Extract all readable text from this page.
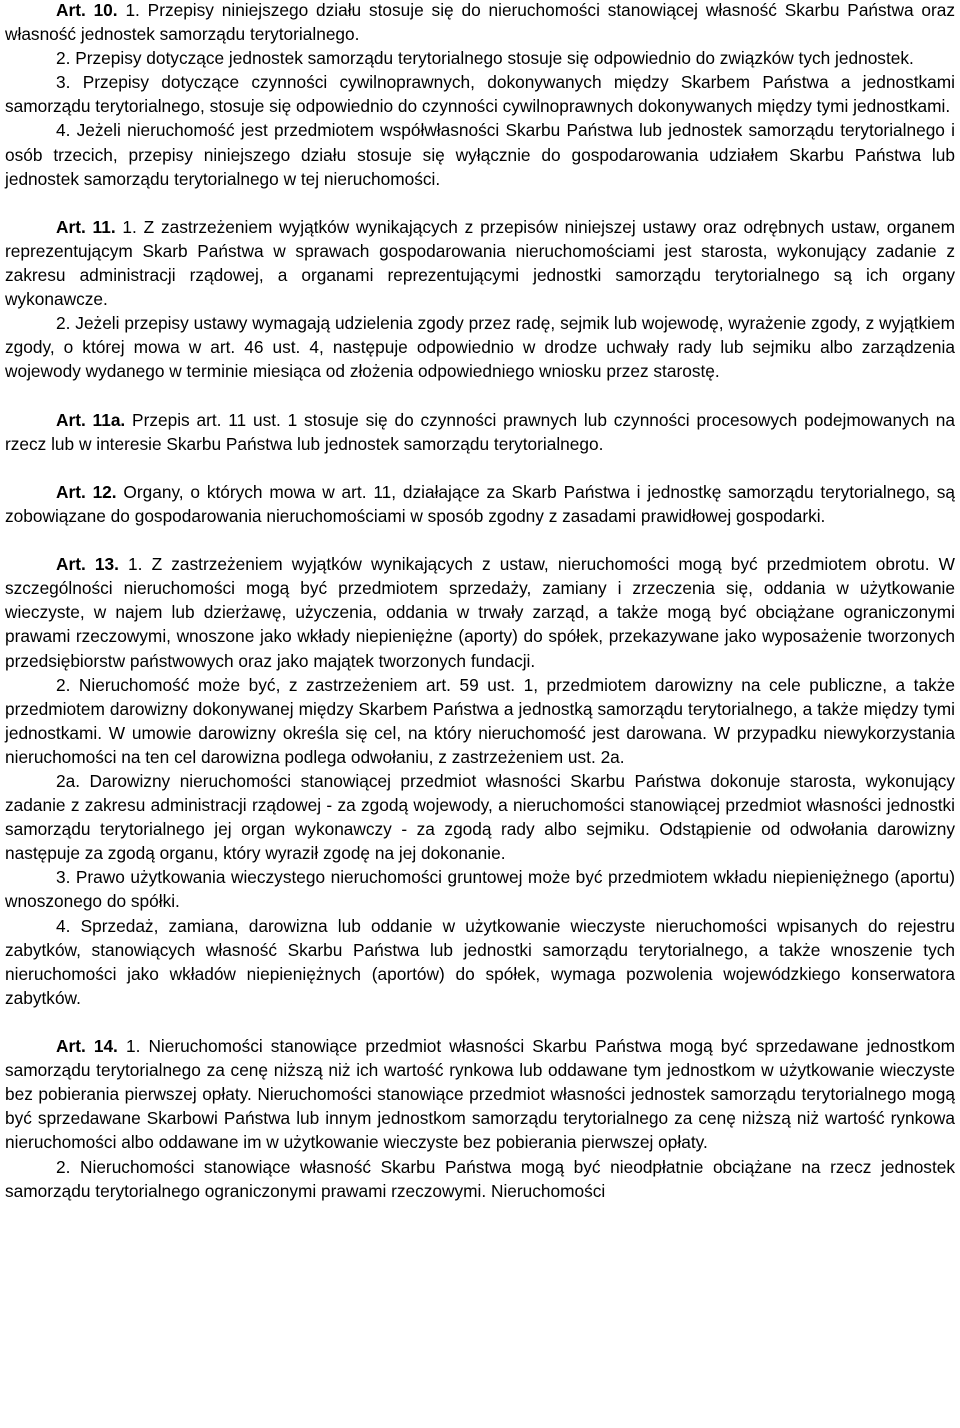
Art. 10. 1. Przepisy niniejszego działu stosuje się do nieruchomości stanowiącej własność Skarbu Państwa oraz własność jednostek samorządu terytorialnego.

2. Przepisy dotyczące jednostek samorządu terytorialnego stosuje się odpowiednio do związków tych jednostek.

3. Przepisy dotyczące czynności cywilnoprawnych, dokonywanych między Skarbem Państwa a jednostkami samorządu terytorialnego, stosuje się odpowiednio do czynności cywilnoprawnych dokonywanych między tymi jednostkami.

4. Jeżeli nieruchomość jest przedmiotem współwłasności Skarbu Państwa lub jednostek samorządu terytorialnego i osób trzecich, przepisy niniejszego działu stosuje się wyłącznie do gospodarowania udziałem Skarbu Państwa lub jednostek samorządu terytorialnego w tej nieruchomości.

Art. 11. 1. Z zastrzeżeniem wyjątków wynikających z przepisów niniejszej ustawy oraz odrębnych ustaw, organem reprezentującym Skarb Państwa w sprawach gospodarowania nieruchomościami jest starosta, wykonujący zadanie z zakresu administracji rządowej, a organami reprezentującymi jednostki samorządu terytorialnego są ich organy wykonawcze.

2. Jeżeli przepisy ustawy wymagają udzielenia zgody przez radę, sejmik lub wojewodę, wyrażenie zgody, z wyjątkiem zgody, o której mowa w art. 46 ust. 4, następuje odpowiednio w drodze uchwały rady lub sejmiku albo zarządzenia wojewody wydanego w terminie miesiąca od złożenia odpowiedniego wniosku przez starostę.

Art. 11a. Przepis art. 11 ust. 1 stosuje się do czynności prawnych lub czynności procesowych podejmowanych na rzecz lub w interesie Skarbu Państwa lub jednostek samorządu terytorialnego.

Art. 12. Organy, o których mowa w art. 11, działające za Skarb Państwa i jednostkę samorządu terytorialnego, są zobowiązane do gospodarowania nieruchomościami w sposób zgodny z zasadami prawidłowej gospodarki.

Art. 13. 1. Z zastrzeżeniem wyjątków wynikających z ustaw, nieruchomości mogą być przedmiotem obrotu. W szczególności nieruchomości mogą być przedmiotem sprzedaży, zamiany i zrzeczenia się, oddania w użytkowanie wieczyste, w najem lub dzierżawę, użyczenia, oddania w trwały zarząd, a także mogą być obciążane ograniczonymi prawami rzeczowymi, wnoszone jako wkłady niepieniężne (aporty) do spółek, przekazywane jako wyposażenie tworzonych przedsiębiorstw państwowych oraz jako majątek tworzonych fundacji.

2. Nieruchomość może być, z zastrzeżeniem art. 59 ust. 1, przedmiotem darowizny na cele publiczne, a także przedmiotem darowizny dokonywanej między Skarbem Państwa a jednostką samorządu terytorialnego, a także między tymi jednostkami. W umowie darowizny określa się cel, na który nieruchomość jest darowana. W przypadku niewykorzystania nieruchomości na ten cel darowizna podlega odwołaniu, z zastrzeżeniem ust. 2a.

2a. Darowizny nieruchomości stanowiącej przedmiot własności Skarbu Państwa dokonuje starosta, wykonujący zadanie z zakresu administracji rządowej - za zgodą wojewody, a nieruchomości stanowiącej przedmiot własności jednostki samorządu terytorialnego jej organ wykonawczy - za zgodą rady albo sejmiku. Odstąpienie od odwołania darowizny następuje za zgodą organu, który wyraził zgodę na jej dokonanie.

3. Prawo użytkowania wieczystego nieruchomości gruntowej może być przedmiotem wkładu niepieniężnego (aportu) wnoszonego do spółki.

4. Sprzedaż, zamiana, darowizna lub oddanie w użytkowanie wieczyste nieruchomości wpisanych do rejestru zabytków, stanowiących własność Skarbu Państwa lub jednostki samorządu terytorialnego, a także wnoszenie tych nieruchomości jako wkładów niepieniężnych (aportów) do spółek, wymaga pozwolenia wojewódzkiego konserwatora zabytków.

Art. 14. 1. Nieruchomości stanowiące przedmiot własności Skarbu Państwa mogą być sprzedawane jednostkom samorządu terytorialnego za cenę niższą niż ich wartość rynkowa lub oddawane tym jednostkom w użytkowanie wieczyste bez pobierania pierwszej opłaty. Nieruchomości stanowiące przedmiot własności jednostek samorządu terytorialnego mogą być sprzedawane Skarbowi Państwa lub innym jednostkom samorządu terytorialnego za cenę niższą niż wartość rynkowa nieruchomości albo oddawane im w użytkowanie wieczyste bez pobierania pierwszej opłaty.

2. Nieruchomości stanowiące własność Skarbu Państwa mogą być nieodpłatnie obciążane na rzecz jednostek samorządu terytorialnego ograniczonymi prawami rzeczowymi. Nieruchomości
